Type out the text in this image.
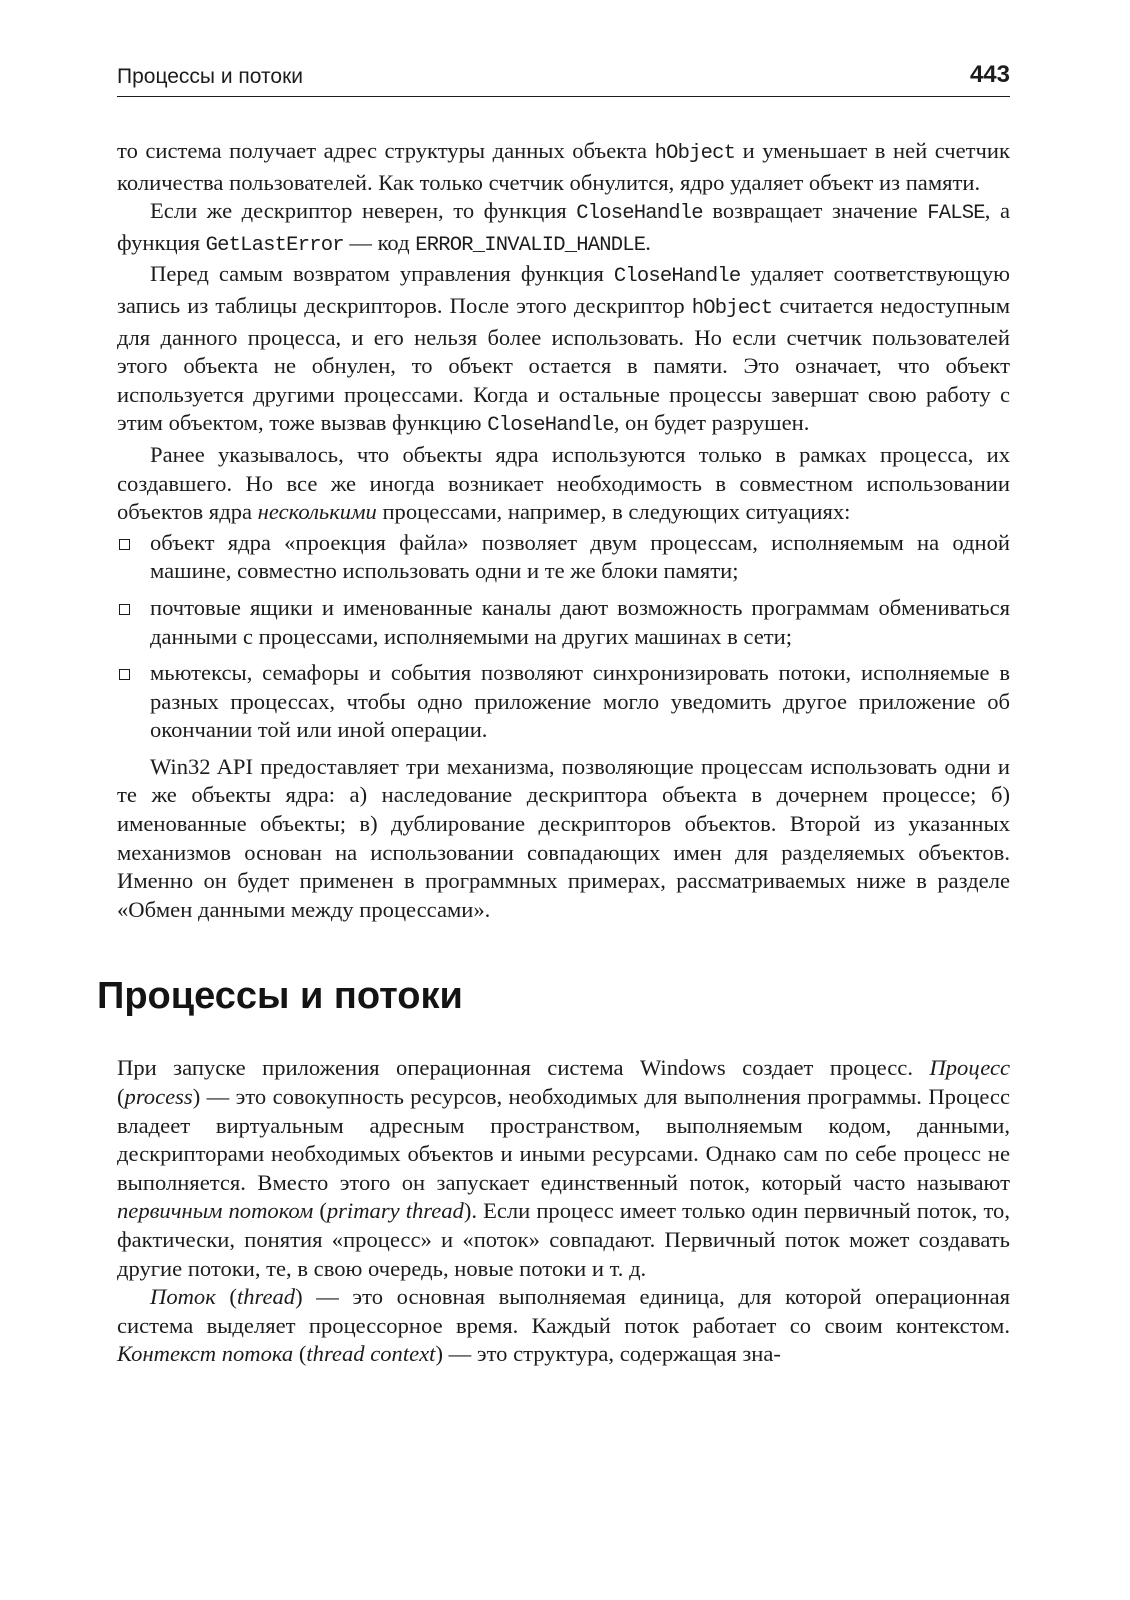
Процессы и потоки	443

то система получает адрес структуры данных объекта hObject и уменьшает в ней счетчик количества пользователей. Как только счетчик обнулится, ядро удаляет объект из памяти.

Если же дескриптор неверен, то функция CloseHandle возвращает значение FALSE, а функция GetLastError — код ERROR_INVALID_HANDLE.

Перед самым возвратом управления функция CloseHandle удаляет соответствующую запись из таблицы дескрипторов. После этого дескриптор hObject считается недоступным для данного процесса, и его нельзя более использовать. Но если счетчик пользователей этого объекта не обнулен, то объект остается в памяти. Это означает, что объект используется другими процессами. Когда и остальные процессы завершат свою работу с этим объектом, тоже вызвав функцию CloseHandle, он будет разрушен.

Ранее указывалось, что объекты ядра используются только в рамках процесса, их создавшего. Но все же иногда возникает необходимость в совместном использовании объектов ядра несколькими процессами, например, в следующих ситуациях:

объект ядра «проекция файла» позволяет двум процессам, исполняемым на одной машине, совместно использовать одни и те же блоки памяти;
почтовые ящики и именованные каналы дают возможность программам обмениваться данными с процессами, исполняемыми на других машинах в сети;
мьютексы, семафоры и события позволяют синхронизировать потоки, исполняемые в разных процессах, чтобы одно приложение могло уведомить другое приложение об окончании той или иной операции.

Win32 API предоставляет три механизма, позволяющие процессам использовать одни и те же объекты ядра: а) наследование дескриптора объекта в дочернем процессе; б) именованные объекты; в) дублирование дескрипторов объектов. Второй из указанных механизмов основан на использовании совпадающих имен для разделяемых объектов. Именно он будет применен в программных примерах, рассматриваемых ниже в разделе «Обмен данными между процессами».

Процессы и потоки

При запуске приложения операционная система Windows создает процесс. Процесс (process) — это совокупность ресурсов, необходимых для выполнения программы. Процесс владеет виртуальным адресным пространством, выполняемым кодом, данными, дескрипторами необходимых объектов и иными ресурсами. Однако сам по себе процесс не выполняется. Вместо этого он запускает единственный поток, который часто называют первичным потоком (primary thread). Если процесс имеет только один первичный поток, то, фактически, понятия «процесс» и «поток» совпадают. Первичный поток может создавать другие потоки, те, в свою очередь, новые потоки и т. д.

Поток (thread) — это основная выполняемая единица, для которой операционная система выделяет процессорное время. Каждый поток работает со своим контекстом. Контекст потока (thread context) — это структура, содержащая зна-
